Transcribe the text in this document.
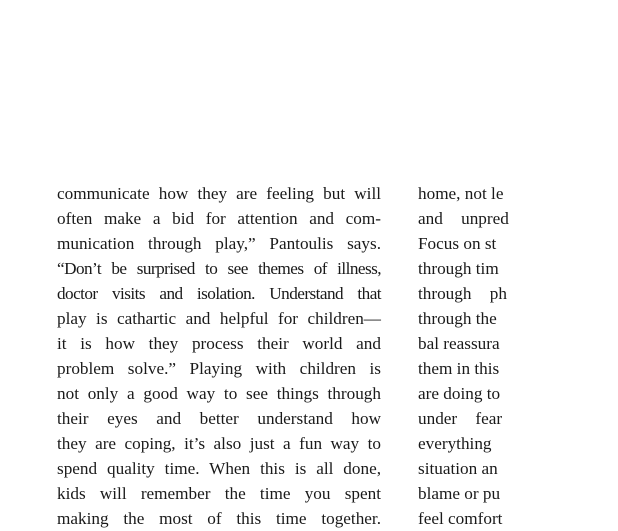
communicate how they are feeling but will
often make a bid for attention and com-
munication through play,” Pantoulis says.
“Don’t be surprised to see themes of illness,
doctor visits and isolation. Understand that
play is cathartic and helpful for children—
it is how they process their world and
problem solve.” Playing with children is
not only a good way to see things through
their eyes and better understand how
they are coping, it’s also just a fun way to
spend quality time. When this is all done,
kids will remember the time you spent
making the most of this time together.
home, not le
and unpred
Focus on st
through tim
through ph
through the
bal reassura
them in this
are doing to
under fear
everything
situation an
blame or pu
feel comfort
